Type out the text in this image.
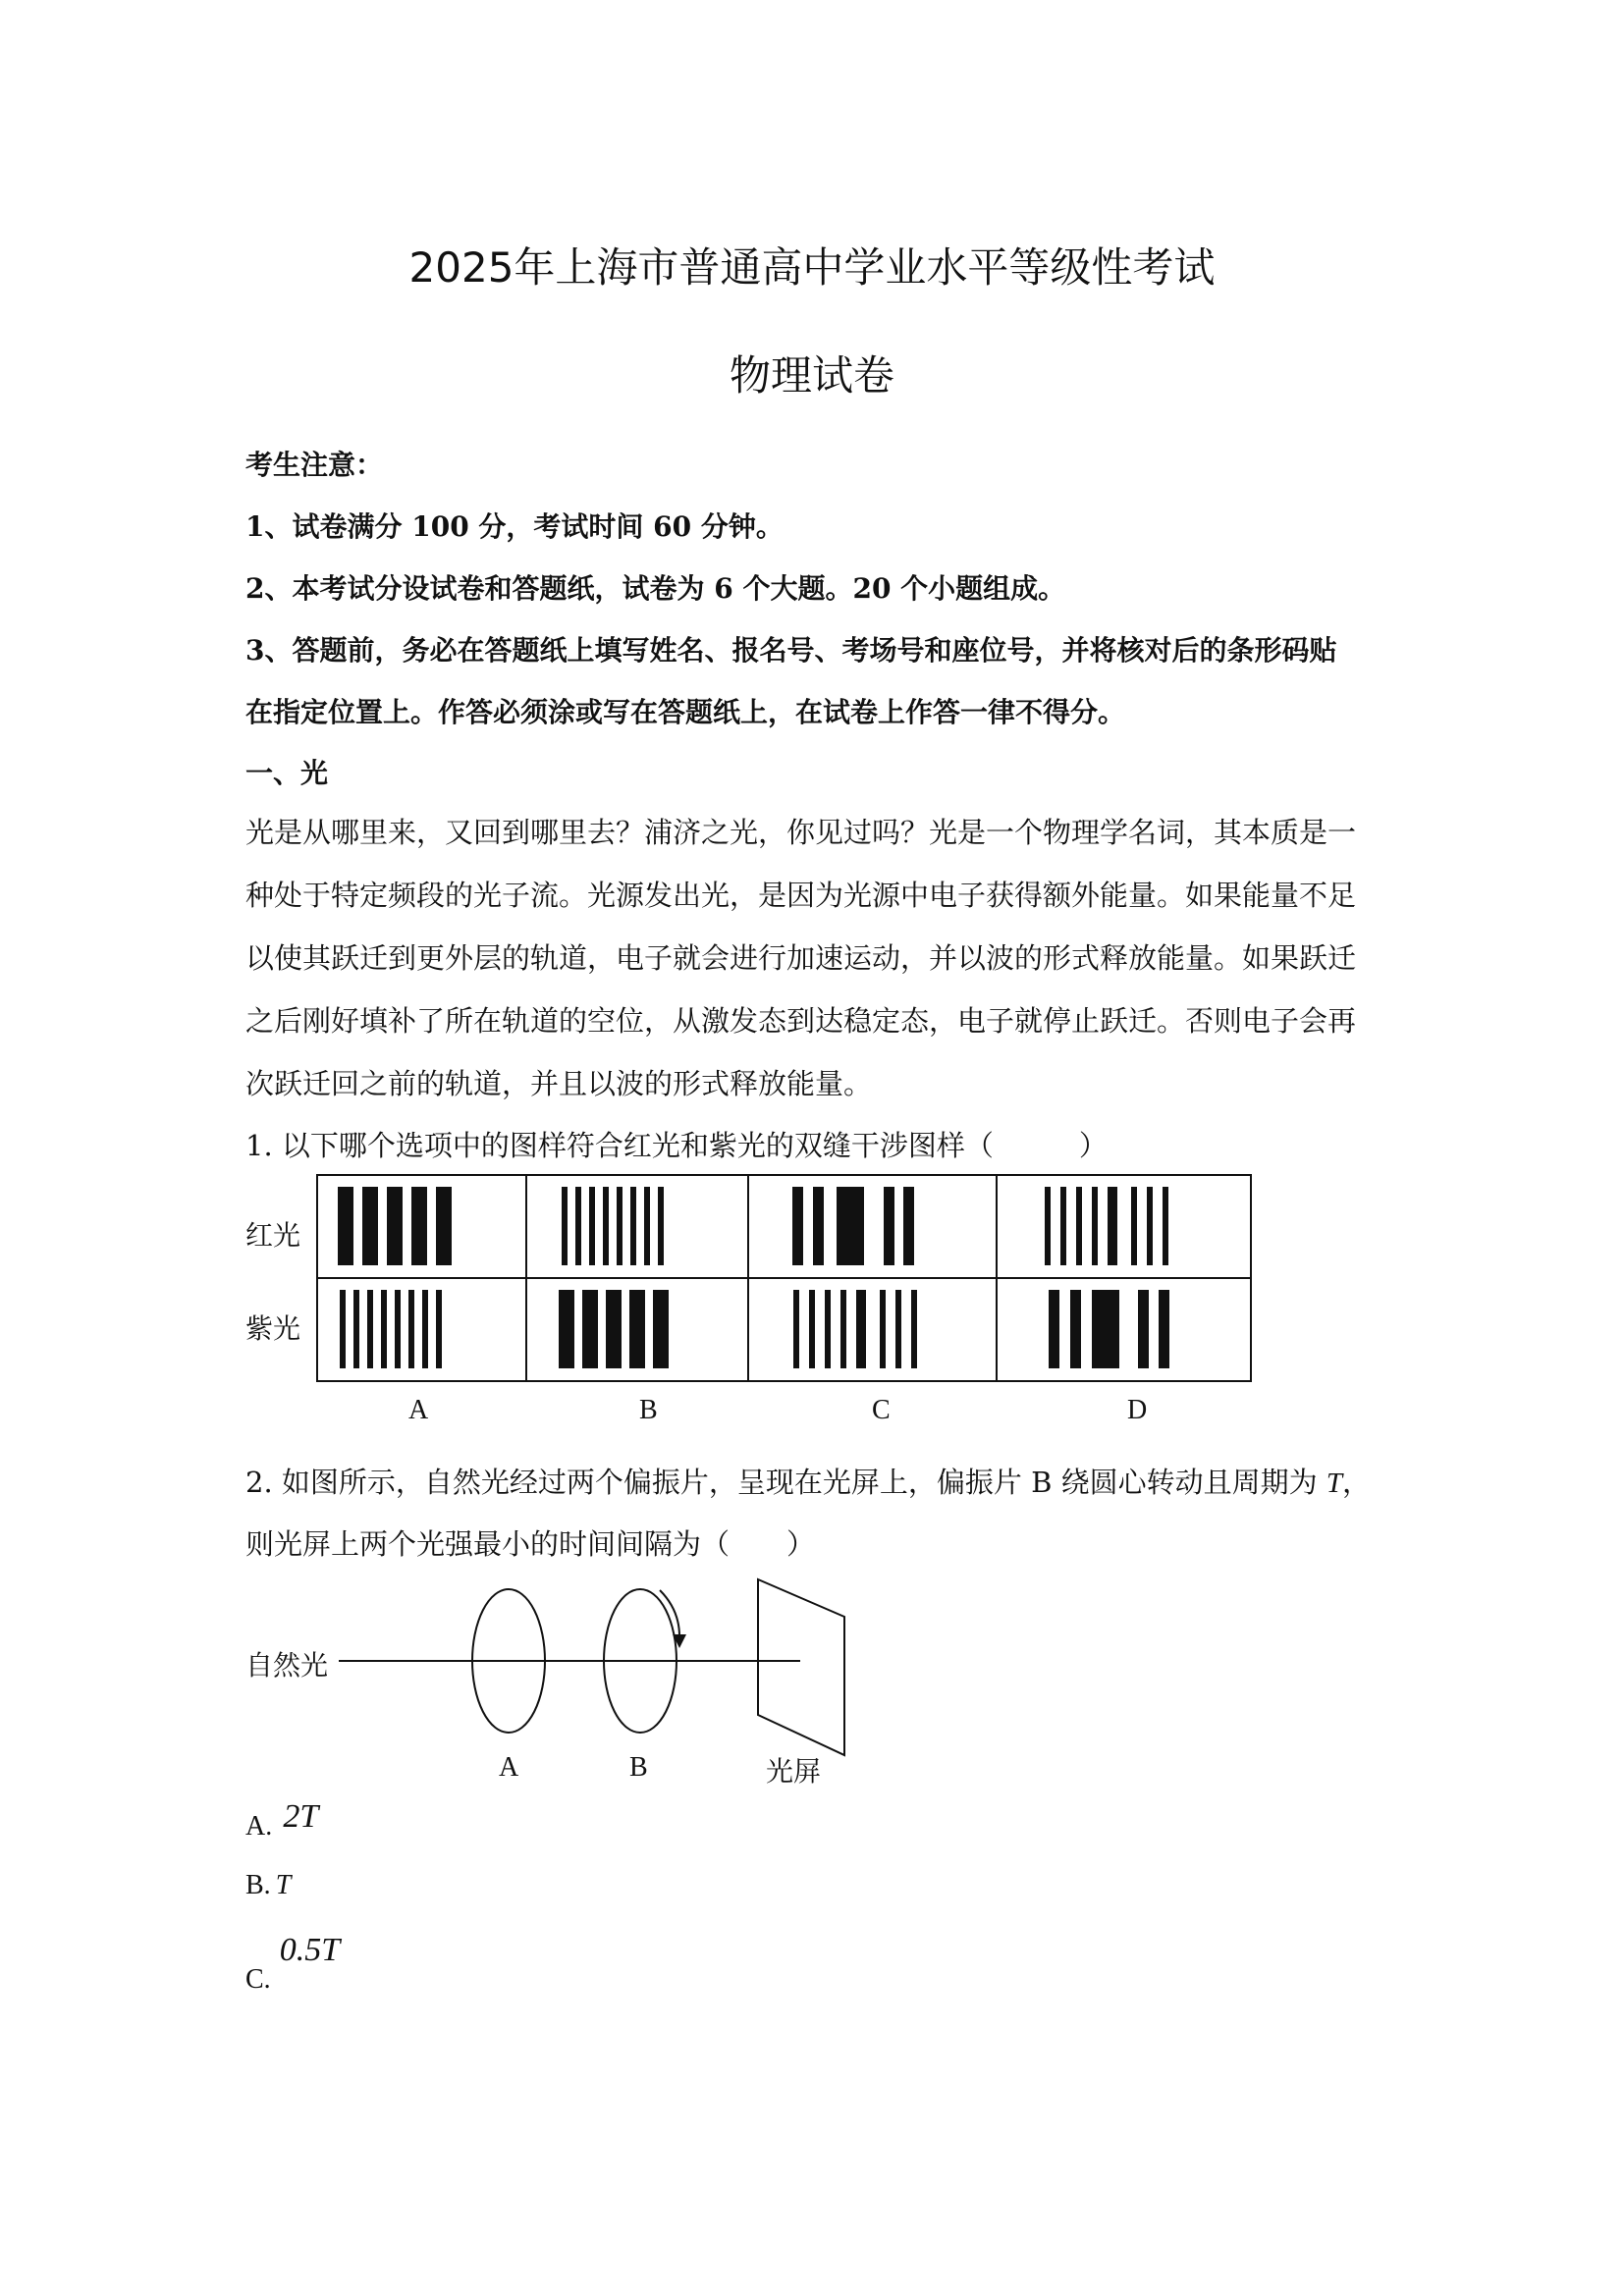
2025年上海市普通高中学业水平等级性考试
物理试卷
考生注意：
1、试卷满分 100 分，考试时间 60 分钟。
2、本考试分设试卷和答题纸，试卷为 6 个大题。20 个小题组成。
3、答题前，务必在答题纸上填写姓名、报名号、考场号和座位号，并将核对后的条形码贴
在指定位置上。作答必须涂或写在答题纸上，在试卷上作答一律不得分。
一、光
光是从哪里来，又回到哪里去？浦济之光，你见过吗？光是一个物理学名词，其本质是一
种处于特定频段的光子流。光源发出光，是因为光源中电子获得额外能量。如果能量不足
以使其跃迁到更外层的轨道，电子就会进行加速运动，并以波的形式释放能量。如果跃迁
之后刚好填补了所在轨道的空位，从激发态到达稳定态，电子就停止跃迁。否则电子会再
次跃迁回之前的轨道，并且以波的形式释放能量。
1. 以下哪个选项中的图样符合红光和紫光的双缝干涉图样（　　　）
红光
紫光
A	B	C	D
2. 如图所示，自然光经过两个偏振片，呈现在光屏上，偏振片 B 绕圆心转动且周期为 T，
则光屏上两个光强最小的时间间隔为（　　）
自然光
A	B	光屏
A. 2T
B. T
C. 0.5T
